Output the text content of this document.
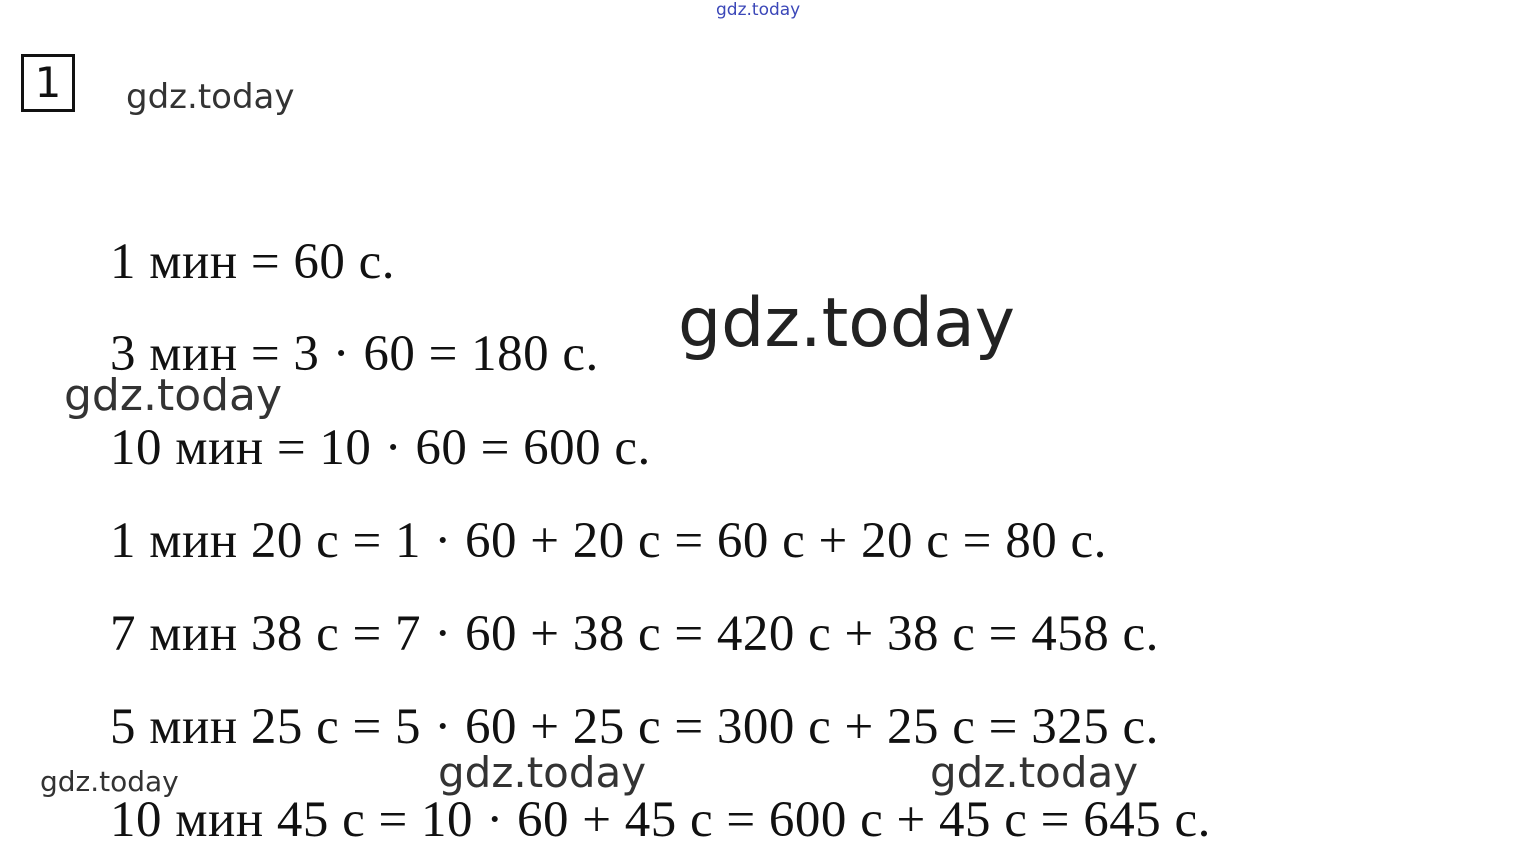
gdz.today
1	gdz.today
1 мин = 60 с.
3 мин = 3 · 60 = 180 с.
10 мин = 10 · 60 = 600 с.
1 мин 20 с = 1 · 60 + 20 с = 60 с + 20 с = 80 с.
7 мин 38 с = 7 · 60 + 38 с = 420 с + 38 с = 458 с.
5 мин 25 с = 5 · 60 + 25 с = 300 с + 25 с = 325 с.
10 мин 45 с = 10 · 60 + 45 с = 600 с + 45 с = 645 с.
gdz.today
gdz.today
gdz.today	gdz.today	gdz.today
